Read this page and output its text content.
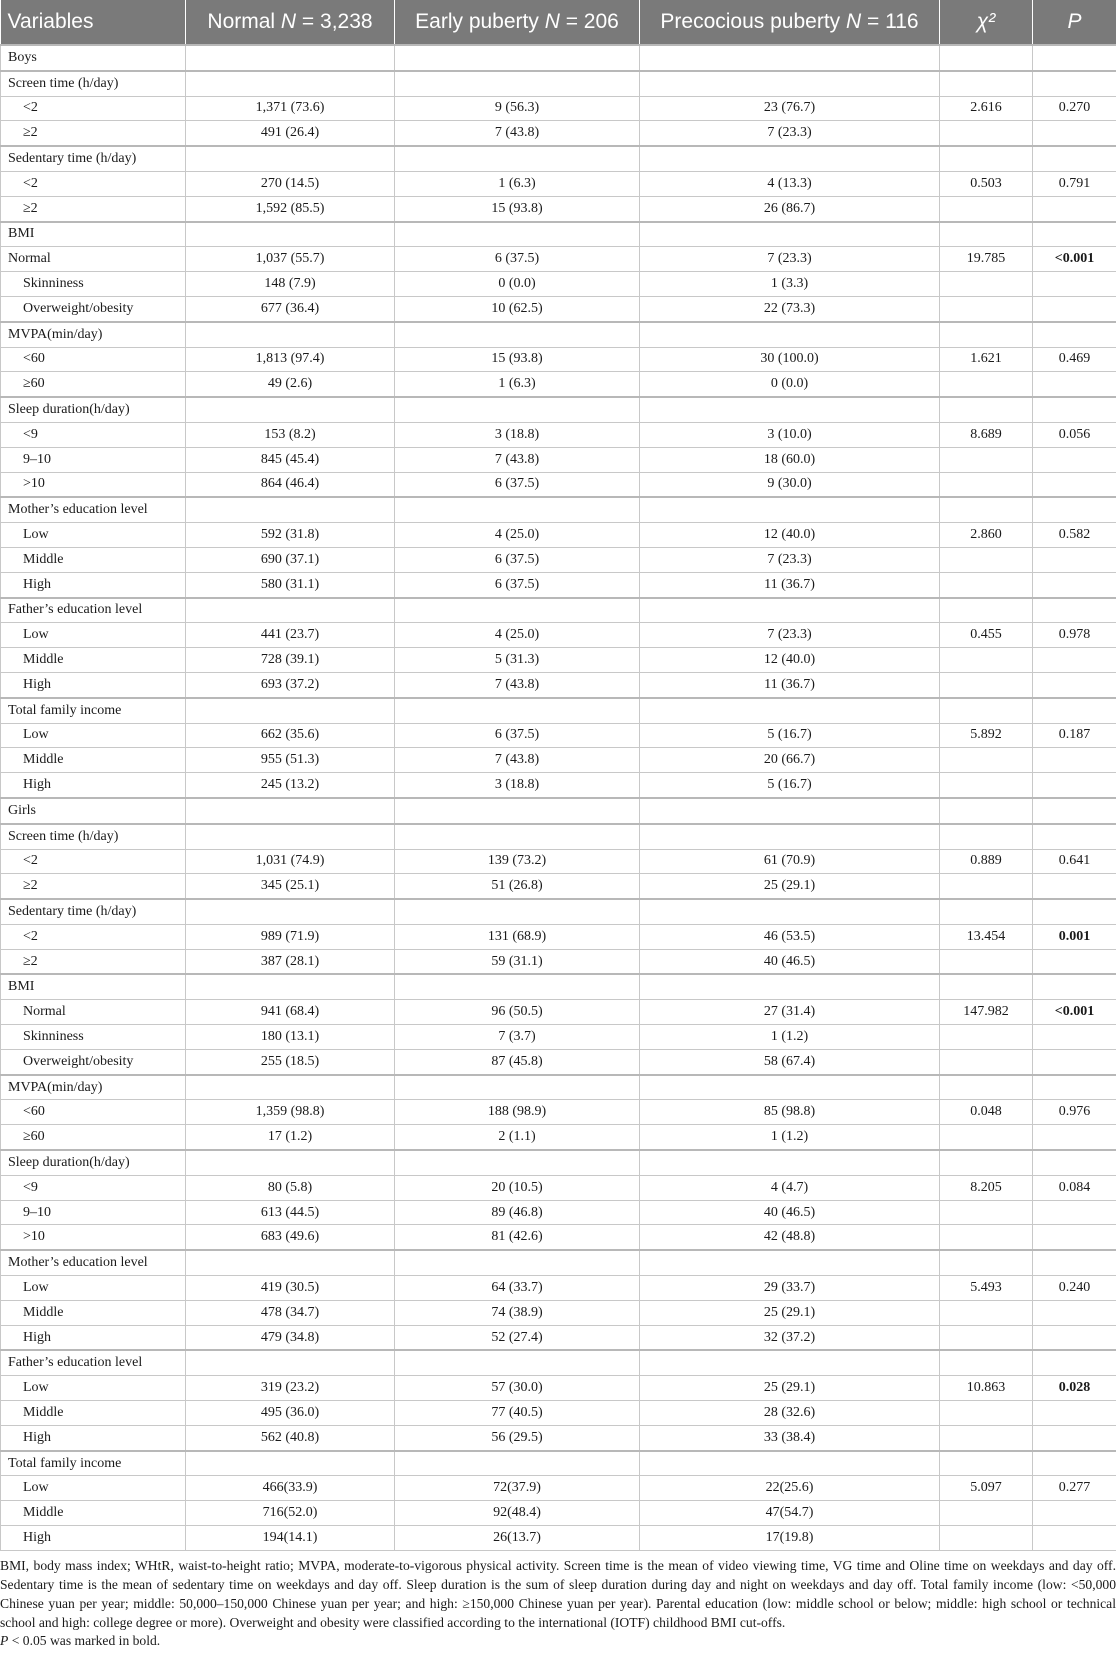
Variables	Normal N = 3,238	Early puberty N = 206	Precocious puberty N = 116	χ²	P
Boys					
Screen time (h/day)					
<2	1,371 (73.6)	9 (56.3)	23 (76.7)	2.616	0.270
≥2	491 (26.4)	7 (43.8)	7 (23.3)		
Sedentary time (h/day)					
<2	270 (14.5)	1 (6.3)	4 (13.3)	0.503	0.791
≥2	1,592 (85.5)	15 (93.8)	26 (86.7)		
BMI					
Normal	1,037 (55.7)	6 (37.5)	7 (23.3)	19.785	<0.001
Skinniness	148 (7.9)	0 (0.0)	1 (3.3)		
Overweight/obesity	677 (36.4)	10 (62.5)	22 (73.3)		
MVPA(min/day)					
<60	1,813 (97.4)	15 (93.8)	30 (100.0)	1.621	0.469
≥60	49 (2.6)	1 (6.3)	0 (0.0)		
Sleep duration(h/day)					
<9	153 (8.2)	3 (18.8)	3 (10.0)	8.689	0.056
9–10	845 (45.4)	7 (43.8)	18 (60.0)		
>10	864 (46.4)	6 (37.5)	9 (30.0)		
Mother’s education level					
Low	592 (31.8)	4 (25.0)	12 (40.0)	2.860	0.582
Middle	690 (37.1)	6 (37.5)	7 (23.3)		
High	580 (31.1)	6 (37.5)	11 (36.7)		
Father’s education level					
Low	441 (23.7)	4 (25.0)	7 (23.3)	0.455	0.978
Middle	728 (39.1)	5 (31.3)	12 (40.0)		
High	693 (37.2)	7 (43.8)	11 (36.7)		
Total family income					
Low	662 (35.6)	6 (37.5)	5 (16.7)	5.892	0.187
Middle	955 (51.3)	7 (43.8)	20 (66.7)		
High	245 (13.2)	3 (18.8)	5 (16.7)		
Girls					
Screen time (h/day)					
<2	1,031 (74.9)	139 (73.2)	61 (70.9)	0.889	0.641
≥2	345 (25.1)	51 (26.8)	25 (29.1)		
Sedentary time (h/day)					
<2	989 (71.9)	131 (68.9)	46 (53.5)	13.454	0.001
≥2	387 (28.1)	59 (31.1)	40 (46.5)		
BMI					
Normal	941 (68.4)	96 (50.5)	27 (31.4)	147.982	<0.001
Skinniness	180 (13.1)	7 (3.7)	1 (1.2)		
Overweight/obesity	255 (18.5)	87 (45.8)	58 (67.4)		
MVPA(min/day)					
<60	1,359 (98.8)	188 (98.9)	85 (98.8)	0.048	0.976
≥60	17 (1.2)	2 (1.1)	1 (1.2)		
Sleep duration(h/day)					
<9	80 (5.8)	20 (10.5)	4 (4.7)	8.205	0.084
9–10	613 (44.5)	89 (46.8)	40 (46.5)		
>10	683 (49.6)	81 (42.6)	42 (48.8)		
Mother’s education level					
Low	419 (30.5)	64 (33.7)	29 (33.7)	5.493	0.240
Middle	478 (34.7)	74 (38.9)	25 (29.1)		
High	479 (34.8)	52 (27.4)	32 (37.2)		
Father’s education level					
Low	319 (23.2)	57 (30.0)	25 (29.1)	10.863	0.028
Middle	495 (36.0)	77 (40.5)	28 (32.6)		
High	562 (40.8)	56 (29.5)	33 (38.4)		
Total family income					
Low	466(33.9)	72(37.9)	22(25.6)	5.097	0.277
Middle	716(52.0)	92(48.4)	47(54.7)		
High	194(14.1)	26(13.7)	17(19.8)		

BMI, body mass index; WHtR, waist-to-height ratio; MVPA, moderate-to-vigorous physical activity. Screen time is the mean of video viewing time, VG time and Oline time on weekdays and day off. Sedentary time is the mean of sedentary time on weekdays and day off. Sleep duration is the sum of sleep duration during day and night on weekdays and day off. Total family income (low: <50,000 Chinese yuan per year; middle: 50,000–150,000 Chinese yuan per year; and high: ≥150,000 Chinese yuan per year). Parental education (low: middle school or below; middle: high school or technical school and high: college degree or more). Overweight and obesity were classified according to the international (IOTF) childhood BMI cut-offs.

P < 0.05 was marked in bold.
